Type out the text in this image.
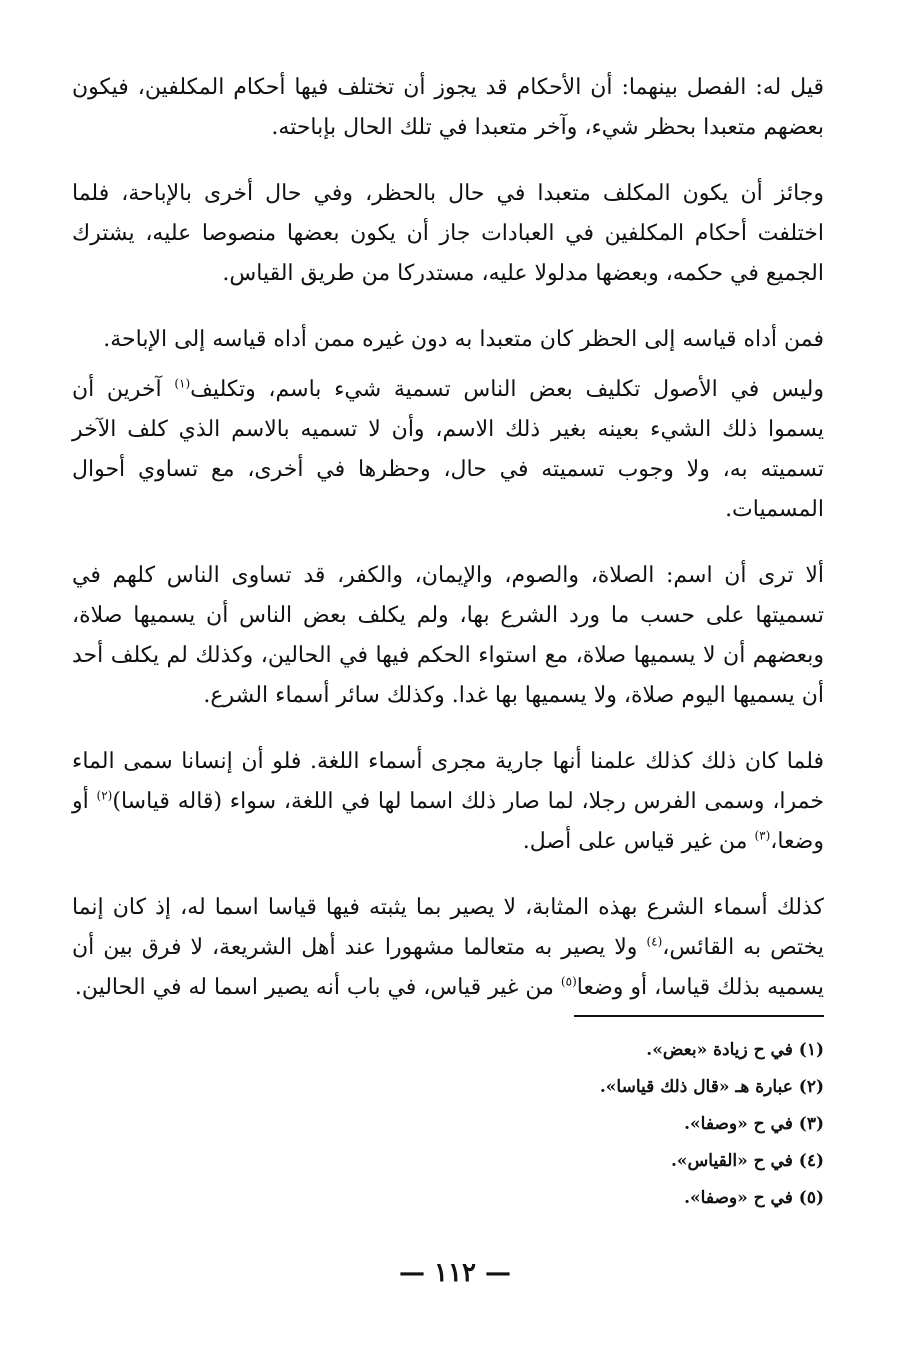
قيل له: الفصل بينهما: أن الأحكام قد يجوز أن تختلف فيها أحكام المكلفين، فيكون بعضهم متعبدا بحظر شيء، وآخر متعبدا في تلك الحال بإباحته.

وجائز أن يكون المكلف متعبدا في حال بالحظر، وفي حال أخرى بالإباحة، فلما اختلفت أحكام المكلفين في العبادات جاز أن يكون بعضها منصوصا عليه، يشترك الجميع في حكمه، وبعضها مدلولا عليه، مستدركا من طريق القياس.

فمن أداه قياسه إلى الحظر كان متعبدا به دون غيره ممن أداه قياسه إلى الإباحة.

وليس في الأصول تكليف بعض الناس تسمية شيء باسم، وتكليف$^{(١)}$ آخرين أن يسموا ذلك الشيء بعينه بغير ذلك الاسم، وأن لا تسميه بالاسم الذي كلف الآخر تسميته به، ولا وجوب تسميته في حال، وحظرها في أخرى، مع تساوي أحوال المسميات.

ألا ترى أن اسم: الصلاة، والصوم، والإيمان، والكفر، قد تساوى الناس كلهم في تسميتها على حسب ما ورد الشرع بها، ولم يكلف بعض الناس أن يسميها صلاة، وبعضهم أن لا يسميها صلاة، مع استواء الحكم فيها في الحالين، وكذلك لم يكلف أحد أن يسميها اليوم صلاة، ولا يسميها بها غدا. وكذلك سائر أسماء الشرع.

فلما كان ذلك كذلك علمنا أنها جارية مجرى أسماء اللغة. فلو أن إنسانا سمى الماء خمرا، وسمى الفرس رجلا، لما صار ذلك اسما لها في اللغة، سواء (قاله قياسا)$^{(٢)}$ أو وضعا،$^{(٣)}$ من غير قياس على أصل.

كذلك أسماء الشرع بهذه المثابة، لا يصير بما يثبته فيها قياسا اسما له، إذ كان إنما يختص به القائس،$^{(٤)}$ ولا يصير به متعالما مشهورا عند أهل الشريعة، لا فرق بين أن يسميه بذلك قياسا، أو وضعا$^{(٥)}$ من غير قياس، في باب أنه يصير اسما له في الحالين.

(١) في ح زيادة «بعض».
(٢) عبارة هـ «قال ذلك قياسا».
(٣) في ح «وصفا».
(٤) في ح «القياس».
(٥) في ح «وصفا».
— ١١٢ —
